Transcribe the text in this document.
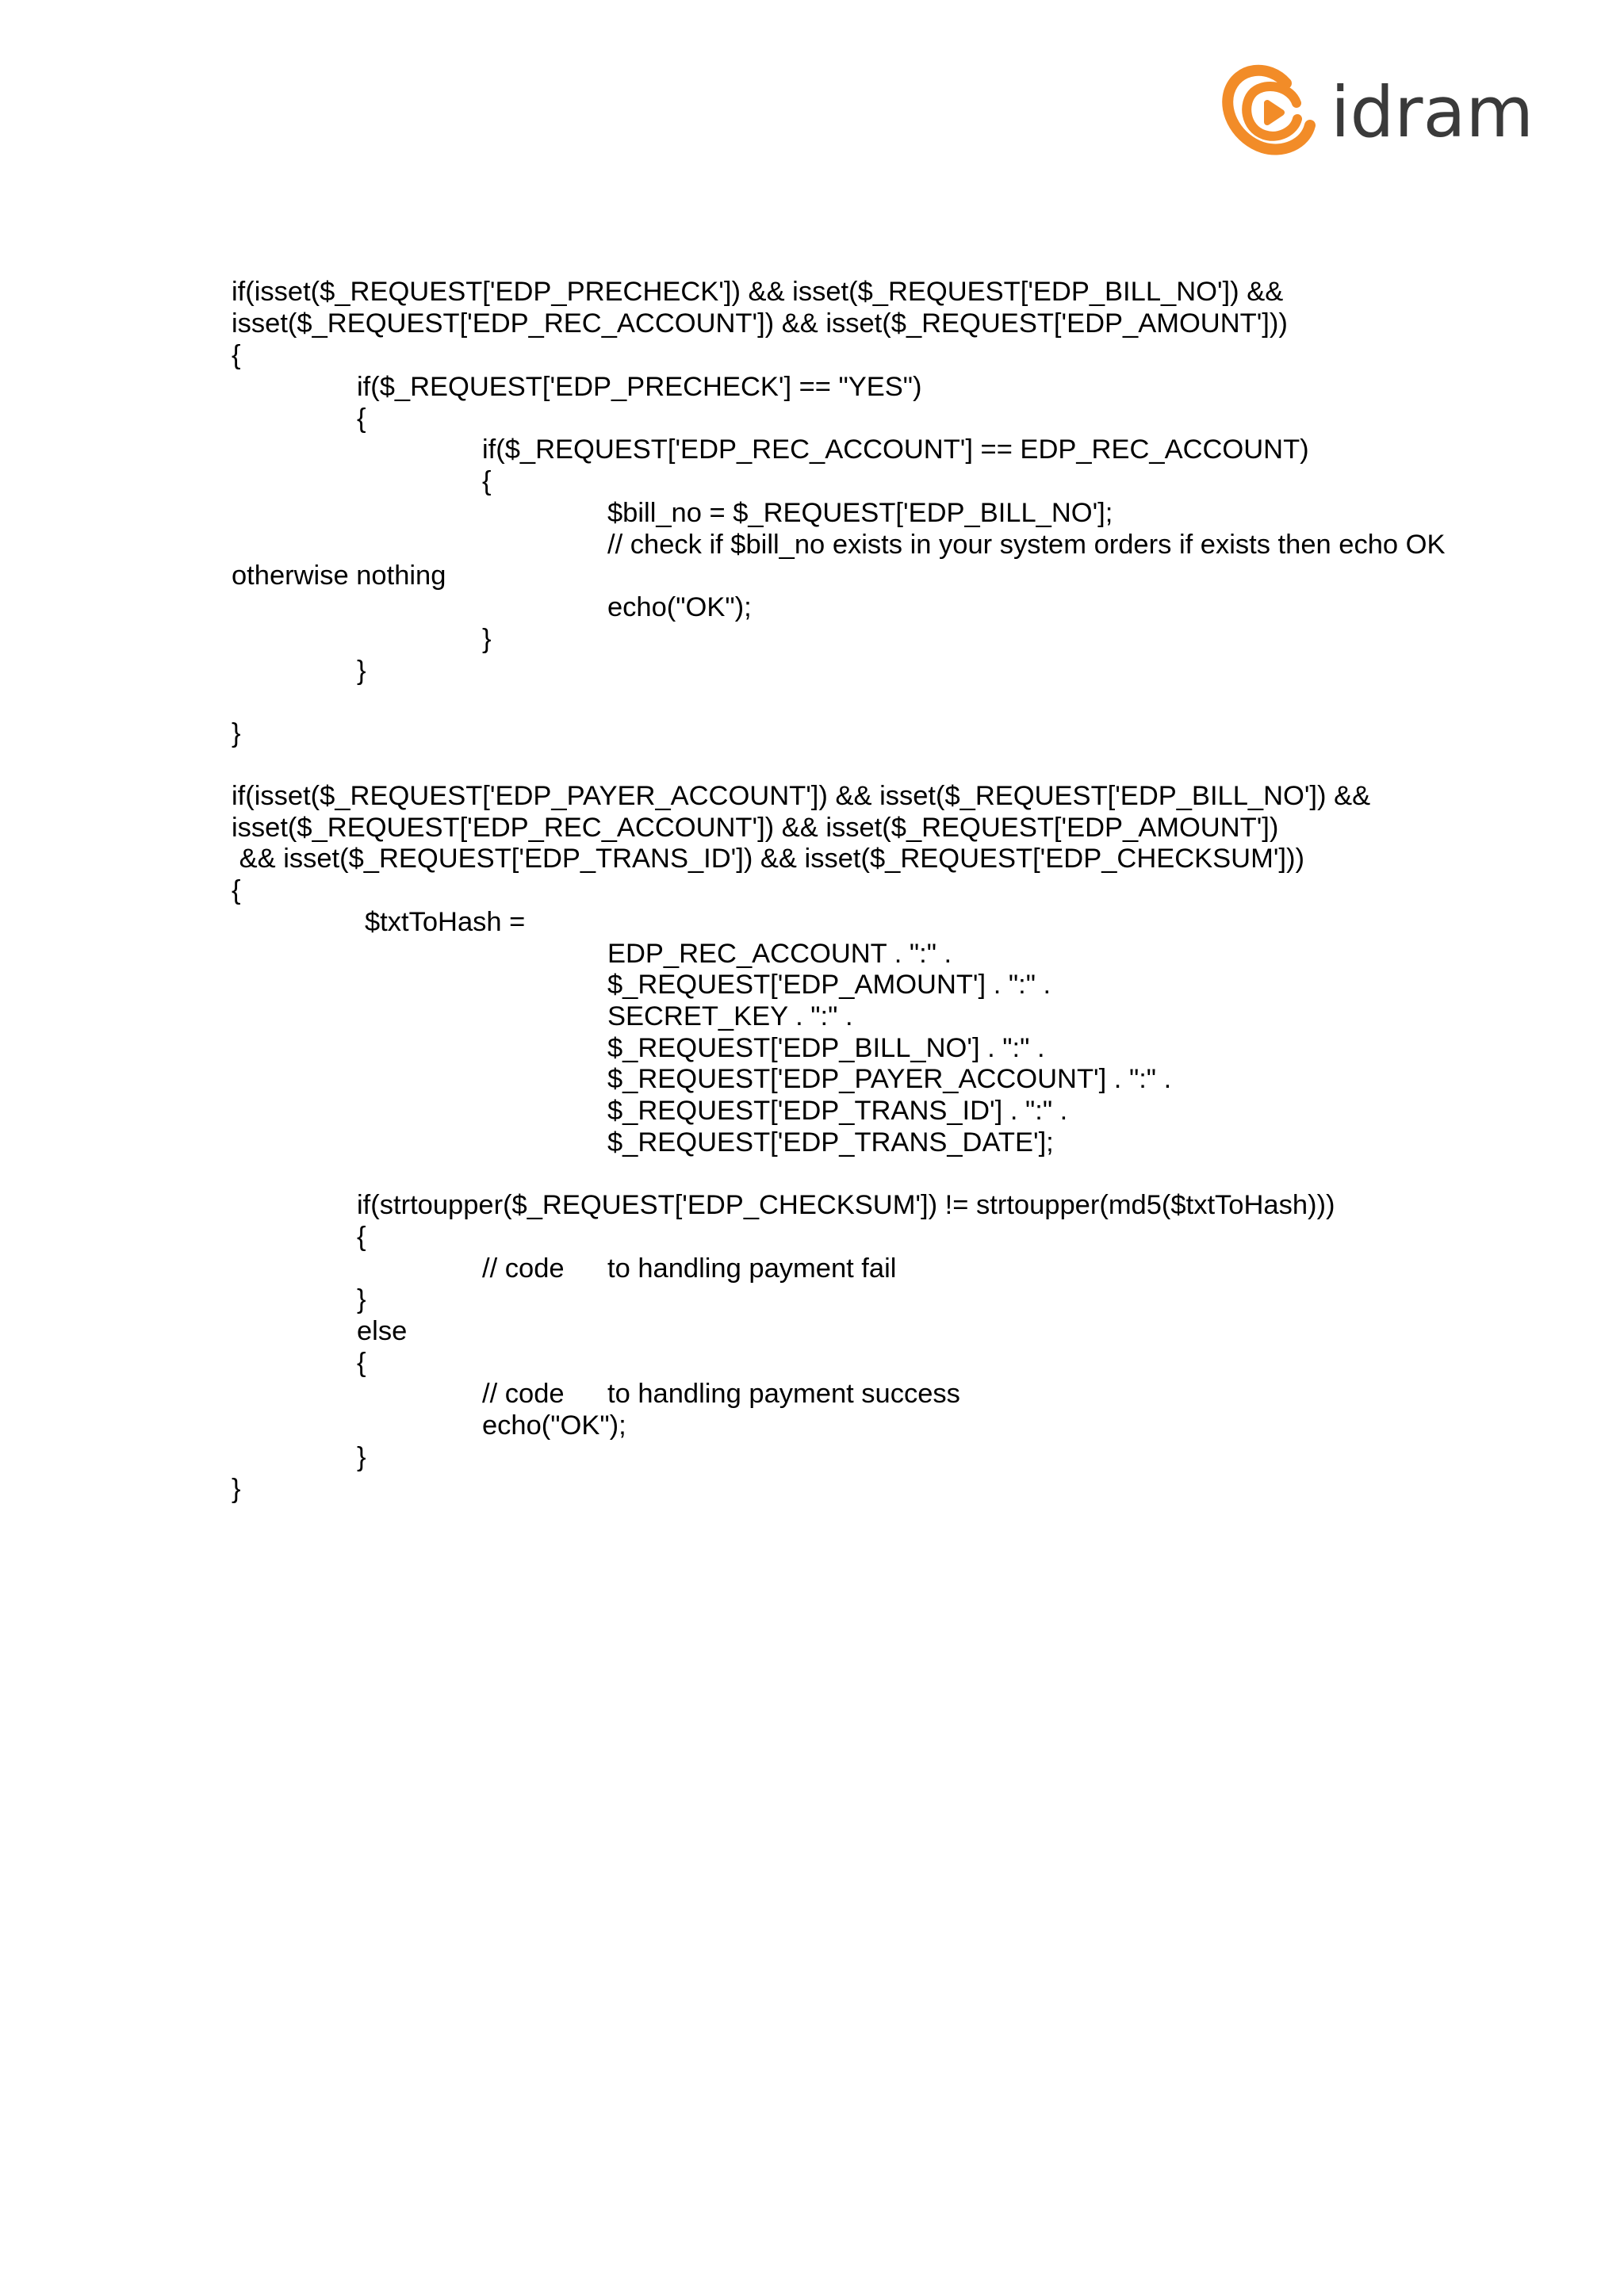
idram
if(isset($_REQUEST['EDP_PRECHECK']) && isset($_REQUEST['EDP_BILL_NO']) &&
isset($_REQUEST['EDP_REC_ACCOUNT']) && isset($_REQUEST['EDP_AMOUNT']))
{
if($_REQUEST['EDP_PRECHECK'] == "YES")
{
if($_REQUEST['EDP_REC_ACCOUNT'] == EDP_REC_ACCOUNT)
{
$bill_no = $_REQUEST['EDP_BILL_NO'];
// check if $bill_no exists in your system orders if exists then echo OK
otherwise nothing
echo("OK");
}
}
}
if(isset($_REQUEST['EDP_PAYER_ACCOUNT']) && isset($_REQUEST['EDP_BILL_NO']) &&
isset($_REQUEST['EDP_REC_ACCOUNT']) && isset($_REQUEST['EDP_AMOUNT'])
&& isset($_REQUEST['EDP_TRANS_ID']) && isset($_REQUEST['EDP_CHECKSUM']))
{
$txtToHash =
EDP_REC_ACCOUNT . ":" .
$_REQUEST['EDP_AMOUNT'] . ":" .
SECRET_KEY . ":" .
$_REQUEST['EDP_BILL_NO'] . ":" .
$_REQUEST['EDP_PAYER_ACCOUNT'] . ":" .
$_REQUEST['EDP_TRANS_ID'] . ":" .
$_REQUEST['EDP_TRANS_DATE'];
if(strtoupper($_REQUEST['EDP_CHECKSUM']) != strtoupper(md5($txtToHash)))
{
// code to handling payment fail
}
else
{
// code to handling payment success
echo("OK");
}
}
